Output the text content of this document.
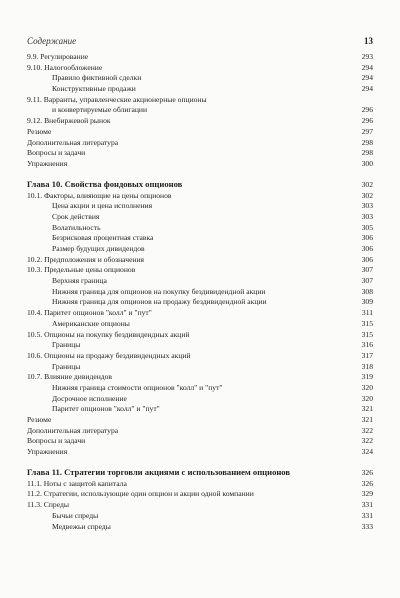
Содержание	13
9.9. Регулирование	293
9.10. Налогообложение	294
Правило фиктивной сделки	294
Конструктивные продажи	294
9.11. Варранты, управленческие акционерные опционы
и конвертируемые облигации	296
9.12. Внебиржевой рынок	296
Резюме	297
Дополнительная литература	298
Вопросы и задачи	298
Упражнения	300
Глава 10. Свойства фондовых опционов	302
10.1. Факторы, влияющие на цены опционов	302
Цена акции и цена исполнения	303
Срок действия	303
Волатильность	305
Безрисковая процентная ставка	306
Размер будущих дивидендов	306
10.2. Предположения и обозначения	306
10.3. Предельные цены опционов	307
Верхняя граница	307
Нижняя граница для опционов на покупку бездивидендной акции	308
Нижняя граница для опционов на продажу бездивидендной акции	309
10.4. Паритет опционов "колл" и "пут"	311
Американские опционы	315
10.5. Опционы на покупку бездивидендных акций	315
Границы	316
10.6. Опционы на продажу бездивидендных акций	317
Границы	318
10.7. Влияние дивидендов	319
Нижняя граница стоимости опционов "колл" и "пут"	320
Досрочное исполнение	320
Паритет опционов "колл" и "пут"	321
Резюме	321
Дополнительная литература	322
Вопросы и задачи	322
Упражнения	324
Глава 11. Стратегии торговли акциями с использованием опционов	326
11.1. Ноты с защитой капитала	326
11.2. Стратегии, использующие один опцион и акции одной компании	329
11.3. Спреды	331
Бычьи спреды	331
Медвежьи спреды	333
